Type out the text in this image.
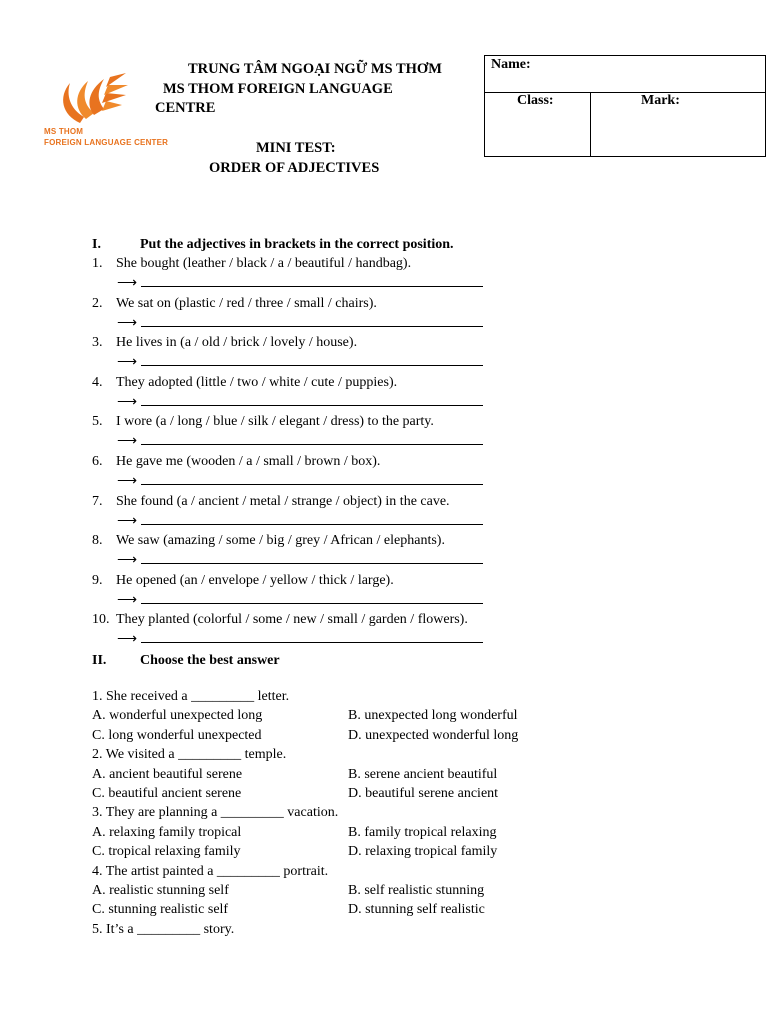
MS THOM
FOREIGN LANGUAGE CENTER
TRUNG TÂM NGOẠI NGỮ MS THƠM
MS THOM FOREIGN LANGUAGE
CENTRE
MINI TEST:
ORDER OF ADJECTIVES
Name:
Class:	Mark:
I.	Put the adjectives in brackets in the correct position.
1. She bought (leather / black / a / beautiful / handbag).
⟶
2. We sat on (plastic / red / three / small / chairs).
⟶
3. He lives in (a / old / brick / lovely / house).
⟶
4. They adopted (little / two / white / cute / puppies).
⟶
5. I wore (a / long / blue / silk / elegant / dress) to the party.
⟶
6. He gave me (wooden / a / small / brown / box).
⟶
7. She found (a / ancient / metal / strange / object) in the cave.
⟶
8. We saw (amazing / some / big / grey / African / elephants).
⟶
9. He opened (an / envelope / yellow / thick / large).
⟶
10. They planted (colorful / some / new / small / garden / flowers).
⟶
II. Choose the best answer
1. She received a _________ letter.
A. wonderful unexpected long	B. unexpected long wonderful
C. long wonderful unexpected	D. unexpected wonderful long
2. We visited a _________ temple.
A. ancient beautiful serene	B. serene ancient beautiful
C. beautiful ancient serene	D. beautiful serene ancient
3. They are planning a _________ vacation.
A. relaxing family tropical	B. family tropical relaxing
C. tropical relaxing family	D. relaxing tropical family
4. The artist painted a _________ portrait.
A. realistic stunning self	B. self realistic stunning
C. stunning realistic self	D. stunning self realistic
5. It’s a _________ story.
